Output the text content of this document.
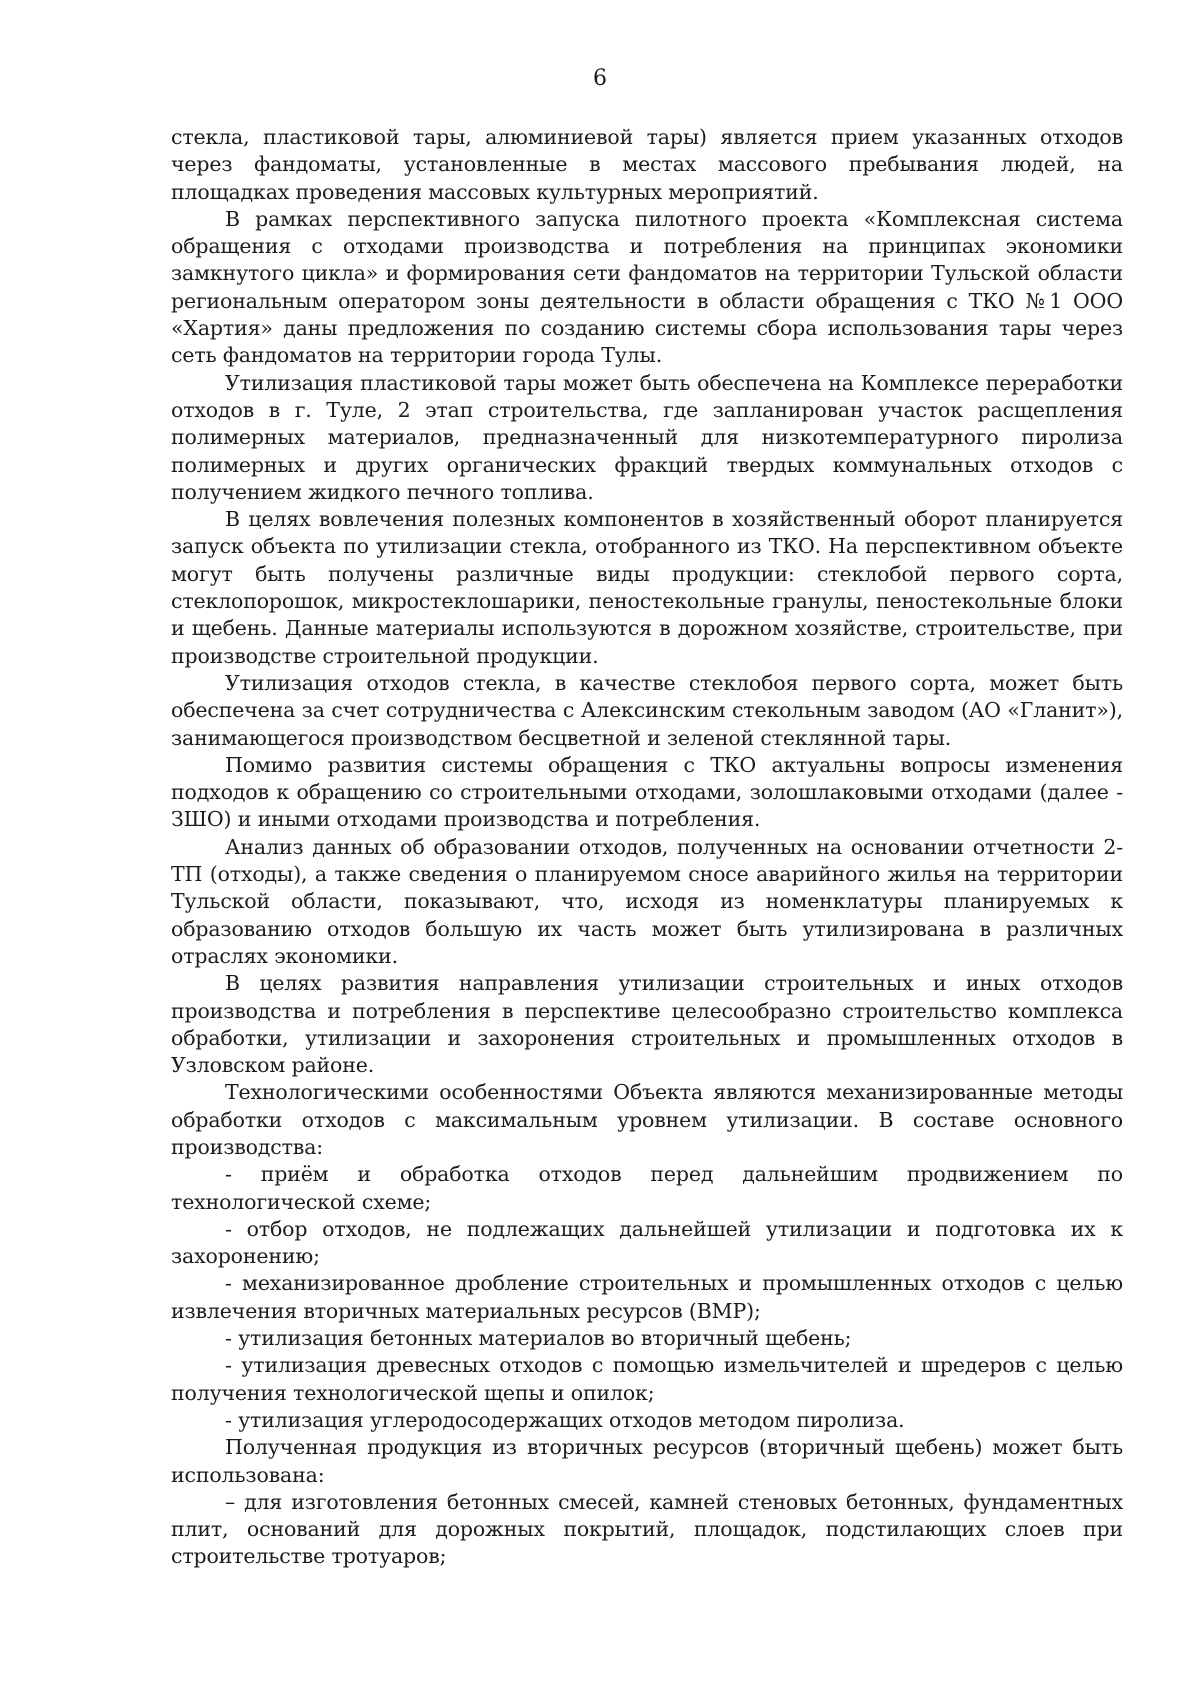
6

стекла, пластиковой тары, алюминиевой тары) является прием указанных отходов через фандоматы, установленные в местах массового пребывания людей, на площадках проведения массовых культурных мероприятий.

В рамках перспективного запуска пилотного проекта «Комплексная система обращения с отходами производства и потребления на принципах экономики замкнутого цикла» и формирования сети фандоматов на территории Тульской области региональным оператором зоны деятельности в области обращения с ТКО №1 ООО «Хартия» даны предложения по созданию системы сбора использования тары через сеть фандоматов на территории города Тулы.

Утилизация пластиковой тары может быть обеспечена на Комплексе переработки отходов в г. Туле, 2 этап строительства, где запланирован участок расщепления полимерных материалов, предназначенный для низкотемпературного пиролиза полимерных и других органических фракций твердых коммунальных отходов с получением жидкого печного топлива.

В целях вовлечения полезных компонентов в хозяйственный оборот планируется запуск объекта по утилизации стекла, отобранного из ТКО. На перспективном объекте могут быть получены различные виды продукции: стеклобой первого сорта, стеклопорошок, микростеклошарики, пеностекольные гранулы, пеностекольные блоки и щебень. Данные материалы используются в дорожном хозяйстве, строительстве, при производстве строительной продукции.

Утилизация отходов стекла, в качестве стеклобоя первого сорта, может быть обеспечена за счет сотрудничества с Алексинским стекольным заводом (АО «Гланит»), занимающегося производством бесцветной и зеленой стеклянной тары.

Помимо развития системы обращения с ТКО актуальны вопросы изменения подходов к обращению со строительными отходами, золошлаковыми отходами (далее - ЗШО) и иными отходами производства и потребления.

Анализ данных об образовании отходов, полученных на основании отчетности 2-ТП (отходы), а также сведения о планируемом сносе аварийного жилья на территории Тульской области, показывают, что, исходя из номенклатуры планируемых к образованию отходов большую их часть может быть утилизирована в различных отраслях экономики.

В целях развития направления утилизации строительных и иных отходов производства и потребления в перспективе целесообразно строительство комплекса обработки, утилизации и захоронения строительных и промышленных отходов в Узловском районе.

Технологическими особенностями Объекта являются механизированные методы обработки отходов с максимальным уровнем утилизации. В составе основного производства:

- приём и обработка отходов перед дальнейшим продвижением по технологической схеме;

- отбор отходов, не подлежащих дальнейшей утилизации и подготовка их к захоронению;

- механизированное дробление строительных и промышленных отходов с целью извлечения вторичных материальных ресурсов (ВМР);

- утилизация бетонных материалов во вторичный щебень;

- утилизация древесных отходов с помощью измельчителей и шредеров с целью получения технологической щепы и опилок;

- утилизация углеродосодержащих отходов методом пиролиза.

Полученная продукция из вторичных ресурсов (вторичный щебень) может быть использована:

– для изготовления бетонных смесей, камней стеновых бетонных, фундаментных плит, оснований для дорожных покрытий, площадок, подстилающих слоев при строительстве тротуаров;
